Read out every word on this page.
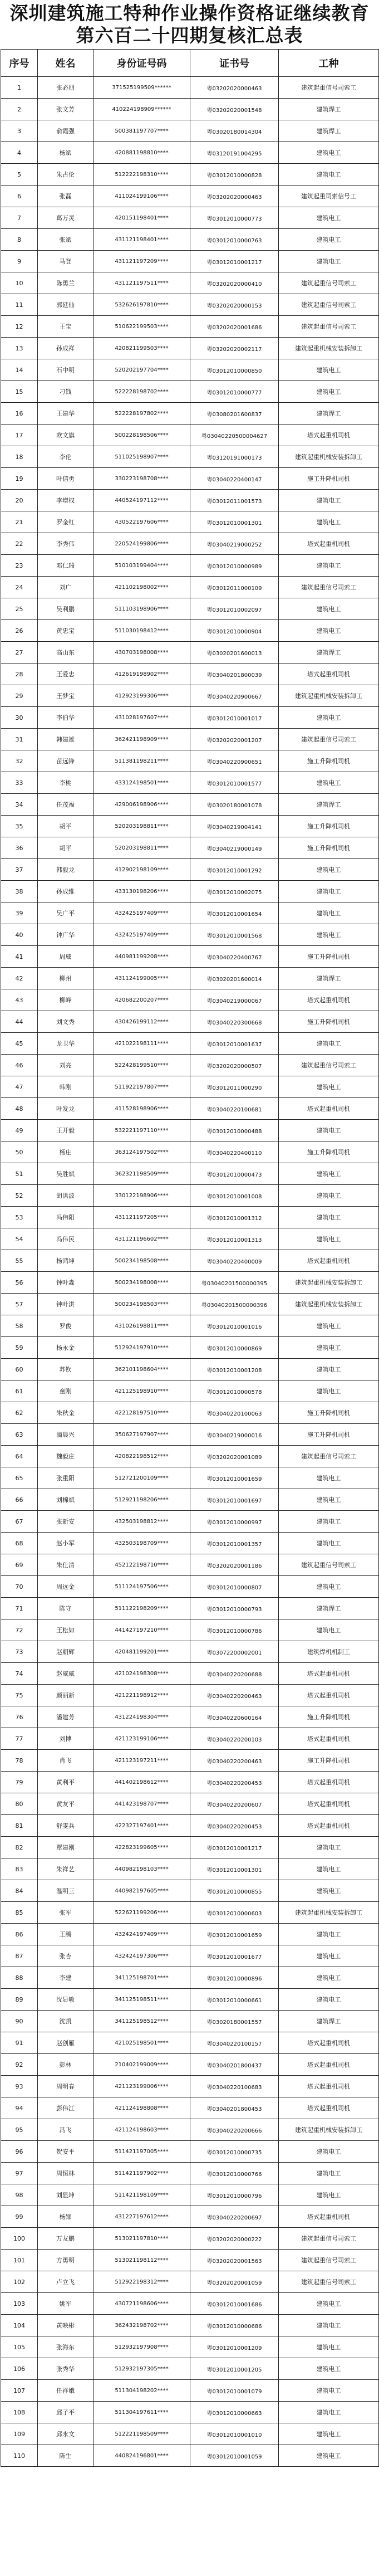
深圳建筑施工特种作业操作资格证继续教育
第六百二十四期复核汇总表
序号	姓名	身份证号码	证书号	工种
1	张必朋	371525199509******	粤03202020000463	建筑起重信号司索工
2	张文芳	410224198909******	粤03202020001548	建筑焊工
3	俞霞强	500381197707****	粤03020180014304	建筑焊工
4	杨斌	420881198810****	粤03120191004295	建筑电工
5	朱占伦	512222198310****	粤03012010000828	建筑电工
6	张磊	411024199106****	粤03202020000463	建筑起重司索信号工
7	葛万灵	420151198401****	粤03012010000773	建筑电工
8	张斌	431121198401****	粤03012010000763	建筑电工
9	马登	431121197209****	粤03012010001217	建筑电工
10	陈勇兰	431121197511****	粤03202020000410	建筑起重信号司索工
11	郭廷仙	532626197810****	粤03202020000153	建筑起重信号司索工
12	王宝	510622199503****	粤03202020001686	建筑起重信号司索工
13	孙成祥	420821199503****	粤03202020002117	建筑起重机械安装拆卸工
14	石中明	520202197704****	粤03012010000850	建筑电工
15	刁钱	522228198702****	粤03012010000777	建筑电工
16	王建华	522228197802****	粤03080201600837	建筑焊工
17	欧文旗	500228198506****	粤03040220500004627	塔式起重机司机
18	李伦	511025198907****	粤03120191000173	建筑起重机械安装拆卸工
19	叶信勇	330223198708****	粤03040220400147	施工升降机司机
20	李增权	440524197112****	粤03012011001573	建筑电工
21	罗金红	430522197606****	粤03012010001301	建筑电工
22	李秀伟	220524199806****	粤03040219000252	塔式起重机司机
23	邓仁瑞	510103199404****	粤03012010000989	建筑电工
24	刘广	421102198002****	粤03012011000109	建筑起重信号司索工
25	吴利鹏	511103198906****	粤03012010002097	建筑电工
26	黄忠宝	511030198412****	粤03012010000904	建筑电工
27	高山东	430703198008****	粤03020201600013	建筑焊工
28	王爱忠	412619198902****	粤03040201800039	塔式起重机司机
29	王梦宝	412923199306****	粤03040220900667	建筑起重机械安装拆卸工
30	李伯华	431028197607****	粤03012010001017	建筑电工
31	韩建雄	362421198909****	粤03202020001207	建筑起重信号司索工
32	苗远锋	511381198211****	粤03040220900651	施工升降机司机
33	李桃	433124198501****	粤03012010001577	建筑电工
34	任茂福	429006198906****	粤03020180001078	建筑焊工
35	胡平	520203198811****	粤03040219004141	施工升降机司机
36	胡平	520203198811****	粤03040219000149	施工升降机司机
37	韩毅龙	412902198109****	粤03012010001292	建筑电工
38	孙成维	433130198206****	粤03012010002075	建筑电工
39	吴广平	432425197409****	粤03012010001654	建筑电工
40	钟广华	432425197409****	粤03012010001568	建筑电工
41	周威	440981199208****	粤03040220400767	施工升降机司机
42	柳州	431124199005****	粤03020201600014	建筑焊工
43	柳峰	420682200207****	粤03040219000067	塔式起重机司机
44	刘文秀	430426199112****	粤03040220300668	施工升降机司机
45	龙卫华	421022198111****	粤03012010001637	建筑电工
46	刘亮	522428199510****	粤03202020000507	建筑起重信号司索工
47	韩刚	511922197807****	粤03012011000290	建筑电工
48	叶发龙	411528198906****	粤03040220100681	塔式起重机司机
49	王开毅	532221197110****	粤03012010000488	建筑电工
50	杨庄	363124197502****	粤03040220400110	施工升降机司机
51	吴胜斌	362321198509****	粤03012010000473	建筑电工
52	胡洪波	330122198906****	粤03012010001008	建筑电工
53	冯伟阳	431121197205****	粤03012010001312	建筑电工
54	冯伟民	431121196602****	粤03012010001313	建筑电工
55	杨鸿坤	500234198508****	粤03040220400009	塔式起重机司机
56	钟叶淼	500234198008****	粤03040201500000395	建筑起重机械安装拆卸工
57	钟叶洪	500234198503****	粤03040201500000396	建筑起重机械安装拆卸工
58	罗俊	431026198811****	粤03012010001016	建筑电工
59	杨永金	512924197910****	粤03012010000869	建筑电工
60	苏钦	362101198604****	粤03012010001208	建筑电工
61	童刚	421125198910****	粤03012010000578	建筑电工
62	朱秋金	422128197510****	粤03040220100063	施工升降机司机
63	滴晨兴	350627197907****	粤03040219000016	施工升降机司机
64	魏毅庄	420822198512****	粤03202020001089	建筑起重信号司索工
65	张重阳	512721200109****	粤03012010001659	建筑电工
66	刘棉斌	512921198206****	粤03012010001697	建筑电工
67	张新安	432503198812****	粤03012010000997	建筑电工
68	赵小军	432503198709****	粤03012010001357	建筑电工
69	朱仕清	452122198710****	粤03202020001186	建筑起重信号司索工
70	周远金	511124197506****	粤03012010000807	建筑电工
71	陈守	511122198209****	粤03012010000793	建筑焊工
72	王松如	441427197210****	粤03012010000786	建筑电工
73	赵朝辉	420481199201****	粤03072200002001	建筑焊机机制工
74	赵威威	421024198308****	粤03040220200688	塔式起重机司机
75	颜丽新	421221198912****	粤03040220200463	塔式起重机司机
76	潘建芳	431224198304****	粤03040220600164	施工升降机司机
77	刘博	421123199106****	粤03040220200103	塔式起重机司机
78	肖飞	421123197211****	粤03040220200463	施工升降机司机
79	黄利平	441402198612****	粤03040220200453	塔式起重机司机
80	黄友平	441423198707****	粤03040220200607	塔式起重机司机
81	舒雯兵	422327197401****	粤03040220200453	塔式起重机司机
82	覃建刚	422823199605****	粤03012010001217	建筑电工
83	朱祥艺	440982198103****	粤03012010001301	建筑电工
84	温明三	440982197605****	粤03012010000855	建筑电工
85	张军	522621199206****	粤03012010000603	建筑起重机械安装拆卸工
86	王腾	432424197409****	粤03012010001659	建筑电工
87	张杏	432424197306****	粤03012010001677	建筑电工
88	李建	341125198701****	粤03012010000896	建筑电工
89	沈显敏	341125198511****	粤03012010000661	建筑电工
90	沈凯	341125198512****	粤03020180001557	建筑焊工
91	赵创雁	421025198501****	粤03040220100157	塔式起重机司机
92	彭林	210402199009****	粤03040201800437	塔式起重机司机
93	周明春	421123199006****	粤03040220100683	塔式起重机司机
94	彭伟江	421124198808****	粤03040201800453	塔式起重机司机
95	冯飞	421124198603****	粤03040220200666	建筑起重机械安装拆卸工
96	贺安平	511421197005****	粤03012010000735	建筑电工
97	周恒林	511421197902****	粤03012010000766	建筑电工
98	刘显坤	511421198109****	粤03012010000796	建筑电工
99	杨郧	431227197612****	粤03040220200697	塔式起重机司机
100	万友鹏	513021197810****	粤03202020000222	建筑起重信号司索工
101	方勇明	513021198112****	粤03202020001563	建筑起重信号司索工
102	卢立飞	512922198312****	粤03202020001059	建筑起重信号司索工
103	姚军	430721198606****	粤03012010001686	建筑电工
104	黄映彬	362432198702****	粤03012010000686	建筑电工
105	张海东	512932197908****	粤03012010001209	建筑电工
106	张秀华	512932197305****	粤03012010001205	建筑电工
107	任祥娥	511304198202****	粤03012010001079	建筑电工
108	邱子平	511304197611****	粤03012010000663	建筑电工
109	邱永文	512221198509****	粤03012010001010	建筑电工
110	陈生	440824196801****	粤03012010001059	建筑电工
